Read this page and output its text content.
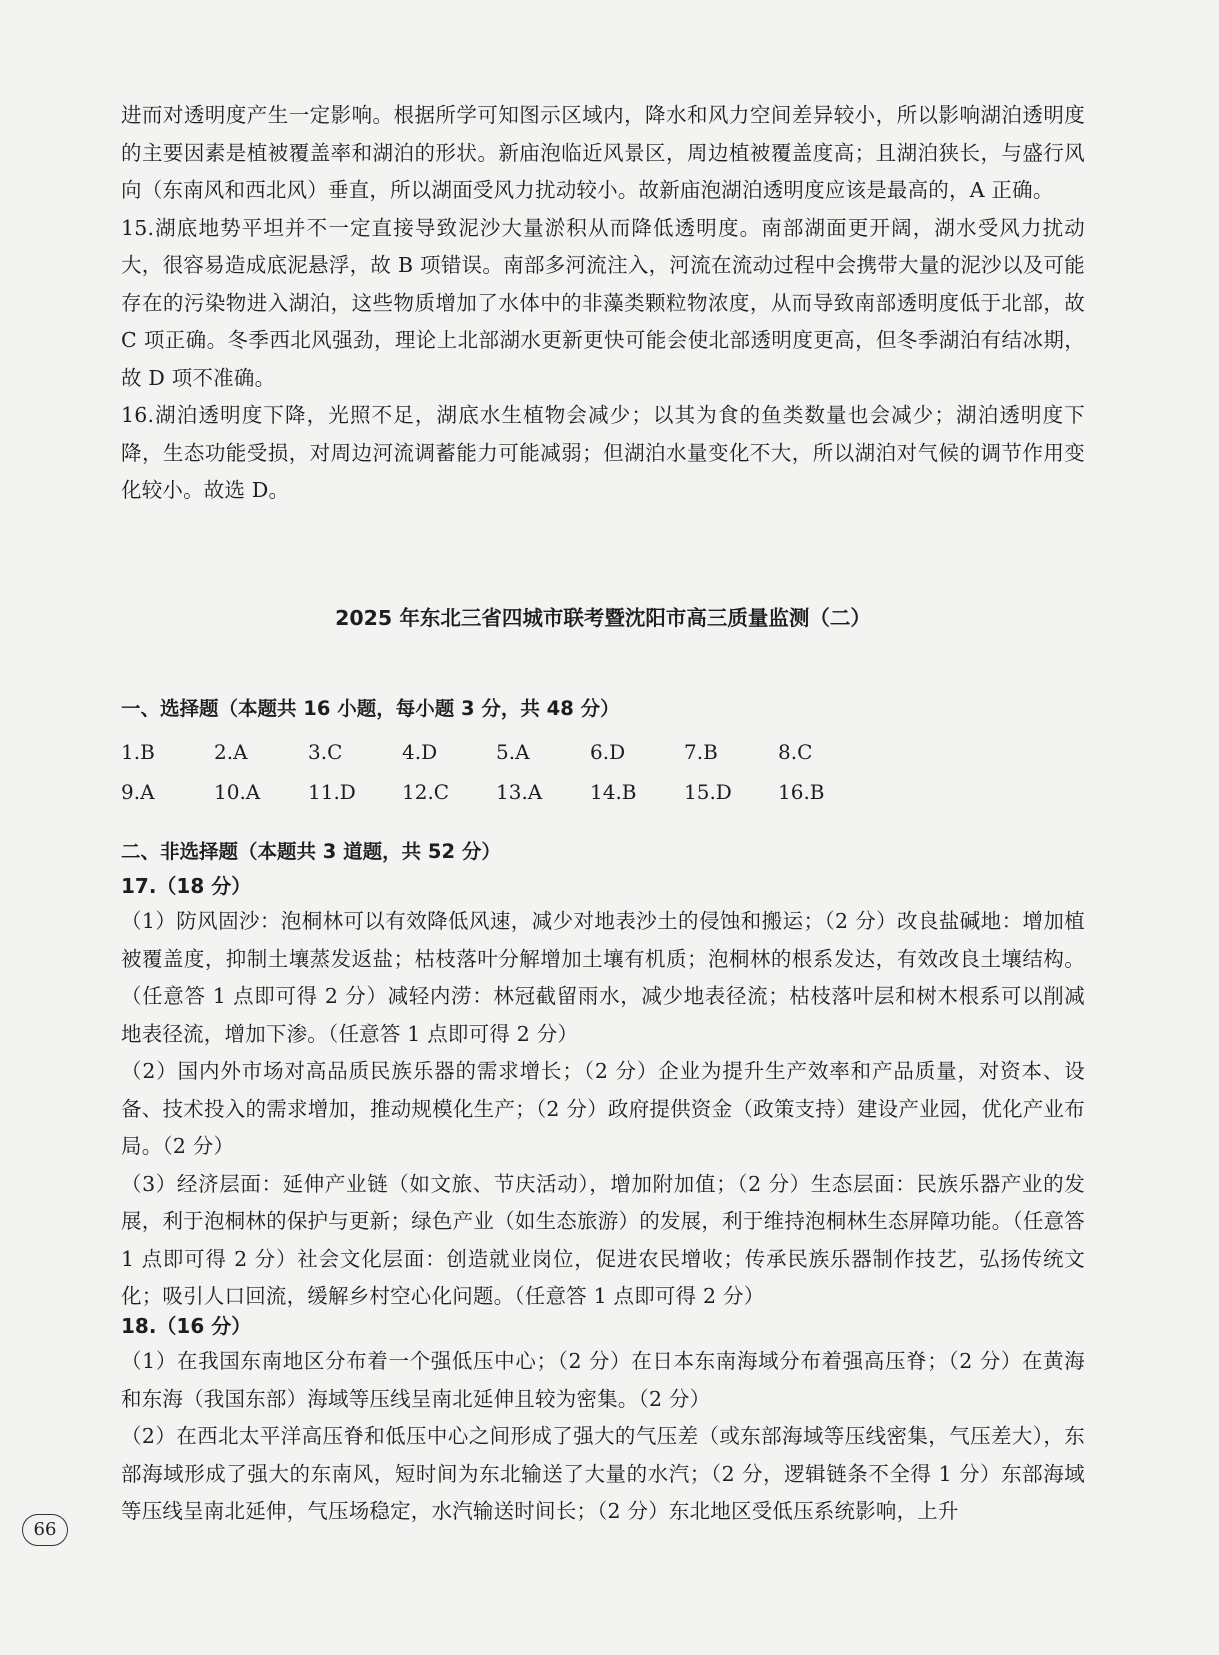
进而对透明度产生一定影响。根据所学可知图示区域内，降水和风力空间差异较小，所以影响湖泊透明度的主要因素是植被覆盖率和湖泊的形状。新庙泡临近风景区，周边植被覆盖度高；且湖泊狭长，与盛行风向（东南风和西北风）垂直，所以湖面受风力扰动较小。故新庙泡湖泊透明度应该是最高的，A 正确。

15.湖底地势平坦并不一定直接导致泥沙大量淤积从而降低透明度。南部湖面更开阔，湖水受风力扰动大，很容易造成底泥悬浮，故 B 项错误。南部多河流注入，河流在流动过程中会携带大量的泥沙以及可能存在的污染物进入湖泊，这些物质增加了水体中的非藻类颗粒物浓度，从而导致南部透明度低于北部，故 C 项正确。冬季西北风强劲，理论上北部湖水更新更快可能会使北部透明度更高，但冬季湖泊有结冰期，故 D 项不准确。

16.湖泊透明度下降，光照不足，湖底水生植物会减少；以其为食的鱼类数量也会减少；湖泊透明度下降，生态功能受损，对周边河流调蓄能力可能减弱；但湖泊水量变化不大，所以湖泊对气候的调节作用变化较小。故选 D。

2025 年东北三省四城市联考暨沈阳市高三质量监测（二）

一、选择题（本题共 16 小题，每小题 3 分，共 48 分）

1.B	2.A	3.C	4.D	5.A	6.D	7.B	8.C
9.A	10.A 11.D 12.C 13.A 14.B 15.D 16.B

二、非选择题（本题共 3 道题，共 52 分）

17.（18 分）

（1）防风固沙：泡桐林可以有效降低风速，减少对地表沙土的侵蚀和搬运；（2 分）改良盐碱地：增加植被覆盖度，抑制土壤蒸发返盐；枯枝落叶分解增加土壤有机质；泡桐林的根系发达，有效改良土壤结构。（任意答 1 点即可得 2 分）减轻内涝：林冠截留雨水，减少地表径流；枯枝落叶层和树木根系可以削减地表径流，增加下渗。（任意答 1 点即可得 2 分）

（2）国内外市场对高品质民族乐器的需求增长；（2 分）企业为提升生产效率和产品质量，对资本、设备、技术投入的需求增加，推动规模化生产；（2 分）政府提供资金（政策支持）建设产业园，优化产业布局。（2 分）

（3）经济层面：延伸产业链（如文旅、节庆活动），增加附加值；（2 分）生态层面：民族乐器产业的发展，利于泡桐林的保护与更新；绿色产业（如生态旅游）的发展，利于维持泡桐林生态屏障功能。（任意答 1 点即可得 2 分）社会文化层面：创造就业岗位，促进农民增收；传承民族乐器制作技艺，弘扬传统文化；吸引人口回流，缓解乡村空心化问题。（任意答 1 点即可得 2 分）

18.（16 分）

（1）在我国东南地区分布着一个强低压中心；（2 分）在日本东南海域分布着强高压脊；（2 分）在黄海和东海（我国东部）海域等压线呈南北延伸且较为密集。（2 分）

（2）在西北太平洋高压脊和低压中心之间形成了强大的气压差（或东部海域等压线密集，气压差大），东部海域形成了强大的东南风，短时间为东北输送了大量的水汽；（2 分，逻辑链条不全得 1 分）东部海域等压线呈南北延伸，气压场稳定，水汽输送时间长；（2 分）东北地区受低压系统影响，上升

66
